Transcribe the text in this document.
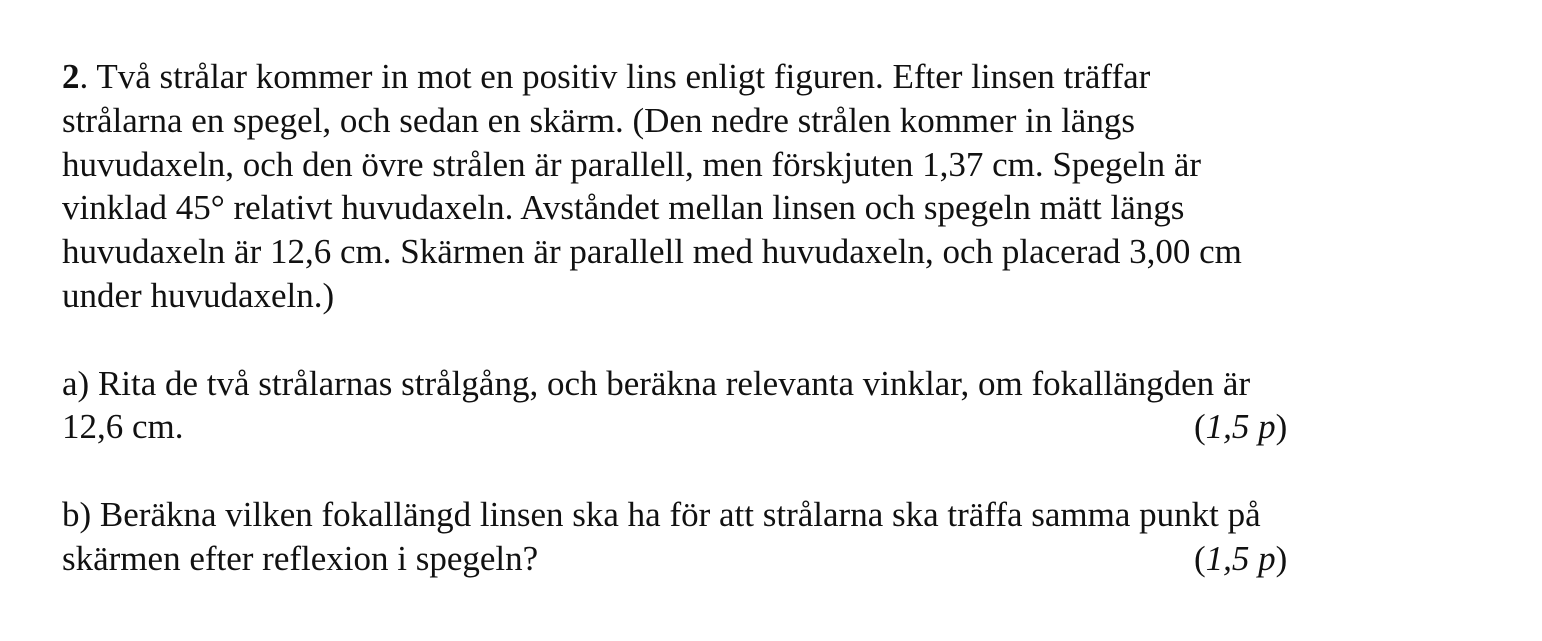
2. Två strålar kommer in mot en positiv lins enligt figuren. Efter linsen träffar
strålarna en spegel, och sedan en skärm. (Den nedre strålen kommer in längs
huvudaxeln, och den övre strålen är parallell, men förskjuten 1,37 cm. Spegeln är
vinklad 45° relativt huvudaxeln. Avståndet mellan linsen och spegeln mätt längs
huvudaxeln är 12,6 cm. Skärmen är parallell med huvudaxeln, och placerad 3,00 cm
under huvudaxeln.)
a) Rita de två strålarnas strålgång, och beräkna relevanta vinklar, om fokallängden är
12,6 cm.	(1,5 p)
b) Beräkna vilken fokallängd linsen ska ha för att strålarna ska träffa samma punkt på
skärmen efter reflexion i spegeln?	(1,5 p)
